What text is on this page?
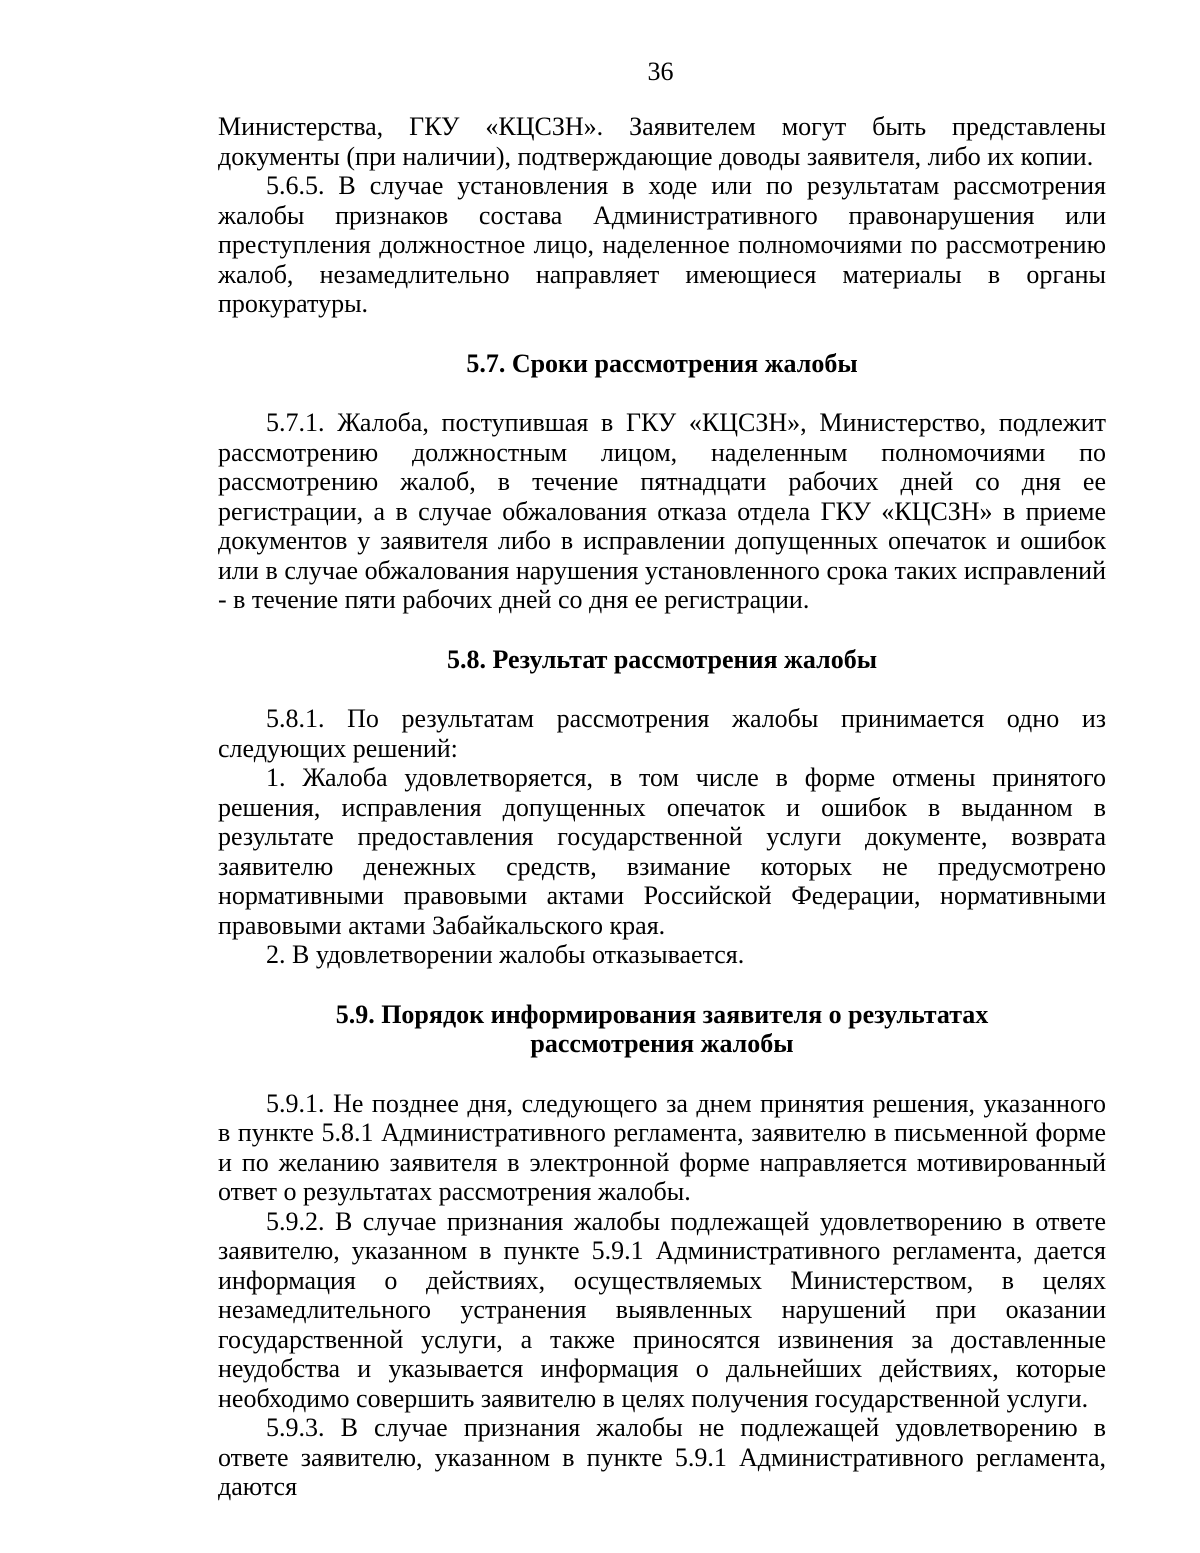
36

Министерства, ГКУ «КЦСЗН». Заявителем могут быть представлены документы (при наличии), подтверждающие доводы заявителя, либо их копии.

5.6.5. В случае установления в ходе или по результатам рассмотрения жалобы признаков состава Административного правонарушения или преступления должностное лицо, наделенное полномочиями по рассмотрению жалоб, незамедлительно направляет имеющиеся материалы в органы прокуратуры.

5.7. Сроки рассмотрения жалобы

5.7.1. Жалоба, поступившая в ГКУ «КЦСЗН», Министерство, подлежит рассмотрению должностным лицом, наделенным полномочиями по рассмотрению жалоб, в течение пятнадцати рабочих дней со дня ее регистрации, а в случае обжалования отказа отдела ГКУ «КЦСЗН» в приеме документов у заявителя либо в исправлении допущенных опечаток и ошибок или в случае обжалования нарушения установленного срока таких исправлений - в течение пяти рабочих дней со дня ее регистрации.

5.8. Результат рассмотрения жалобы

5.8.1. По результатам рассмотрения жалобы принимается одно из следующих решений:

1. Жалоба удовлетворяется, в том числе в форме отмены принятого решения, исправления допущенных опечаток и ошибок в выданном в результате предоставления государственной услуги документе, возврата заявителю денежных средств, взимание которых не предусмотрено нормативными правовыми актами Российской Федерации, нормативными правовыми актами Забайкальского края.

2. В удовлетворении жалобы отказывается.

5.9. Порядок информирования заявителя о результатах
рассмотрения жалобы

5.9.1. Не позднее дня, следующего за днем принятия решения, указанного в пункте 5.8.1 Административного регламента, заявителю в письменной форме и по желанию заявителя в электронной форме направляется мотивированный ответ о результатах рассмотрения жалобы.

5.9.2. В случае признания жалобы подлежащей удовлетворению в ответе заявителю, указанном в пункте 5.9.1 Административного регламента, дается информация о действиях, осуществляемых Министерством, в целях незамедлительного устранения выявленных нарушений при оказании государственной услуги, а также приносятся извинения за доставленные неудобства и указывается информация о дальнейших действиях, которые необходимо совершить заявителю в целях получения государственной услуги.

5.9.3. В случае признания жалобы не подлежащей удовлетворению в ответе заявителю, указанном в пункте 5.9.1 Административного регламента, даются
